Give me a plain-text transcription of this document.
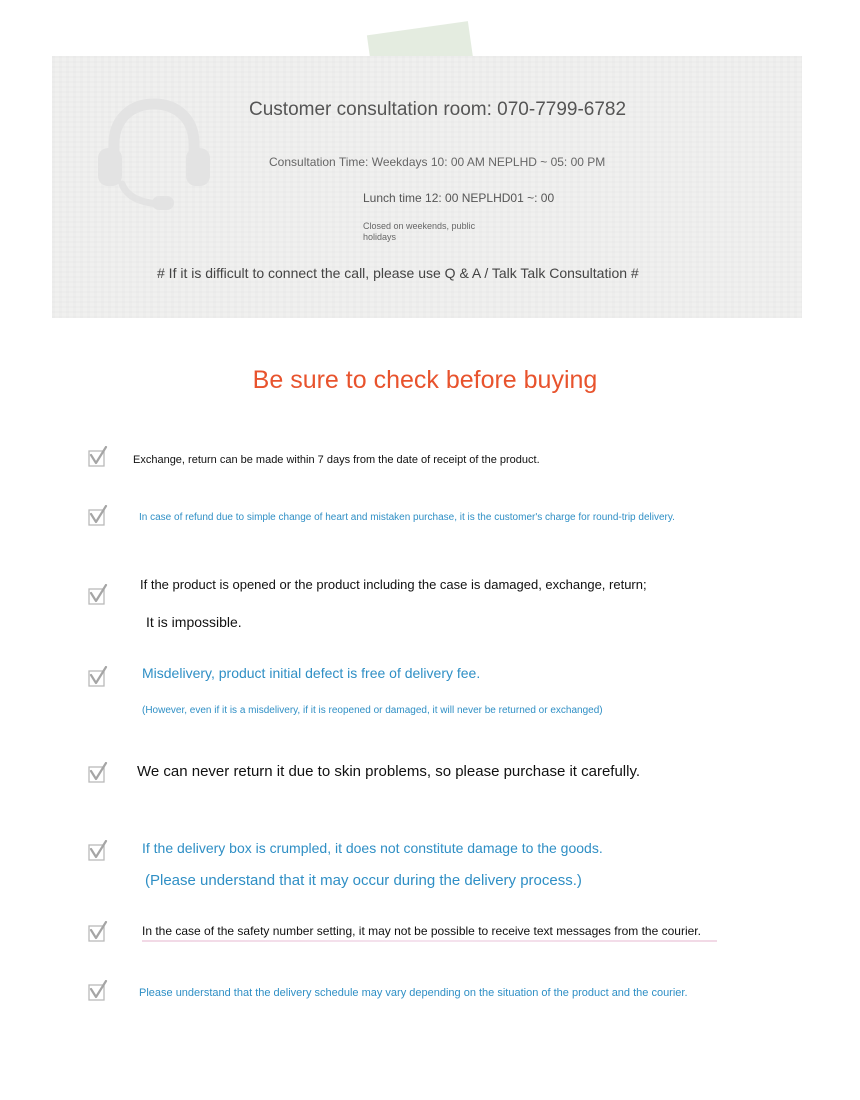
Customer consultation room: 070-7799-6782
Consultation Time: Weekdays 10: 00 AM NEPLHD ~ 05: 00 PM
Lunch time 12: 00 NEPLHD01 ~: 00
Closed on weekends, public holidays
# If it is difficult to connect the call, please use Q & A / Talk Talk Consultation #
Be sure to check before buying
Exchange, return can be made within 7 days from the date of receipt of the product.
In case of refund due to simple change of heart and mistaken purchase, it is the customer's charge for round-trip delivery.
If the product is opened or the product including the case is damaged, exchange, return;
It is impossible.
Misdelivery, product initial defect is free of delivery fee.
(However, even if it is a misdelivery, if it is reopened or damaged, it will never be returned or exchanged)
We can never return it due to skin problems, so please purchase it carefully.
If the delivery box is crumpled, it does not constitute damage to the goods.
(Please understand that it may occur during the delivery process.)
In the case of the safety number setting, it may not be possible to receive text messages from the courier.
Please understand that the delivery schedule may vary depending on the situation of the product and the courier.
